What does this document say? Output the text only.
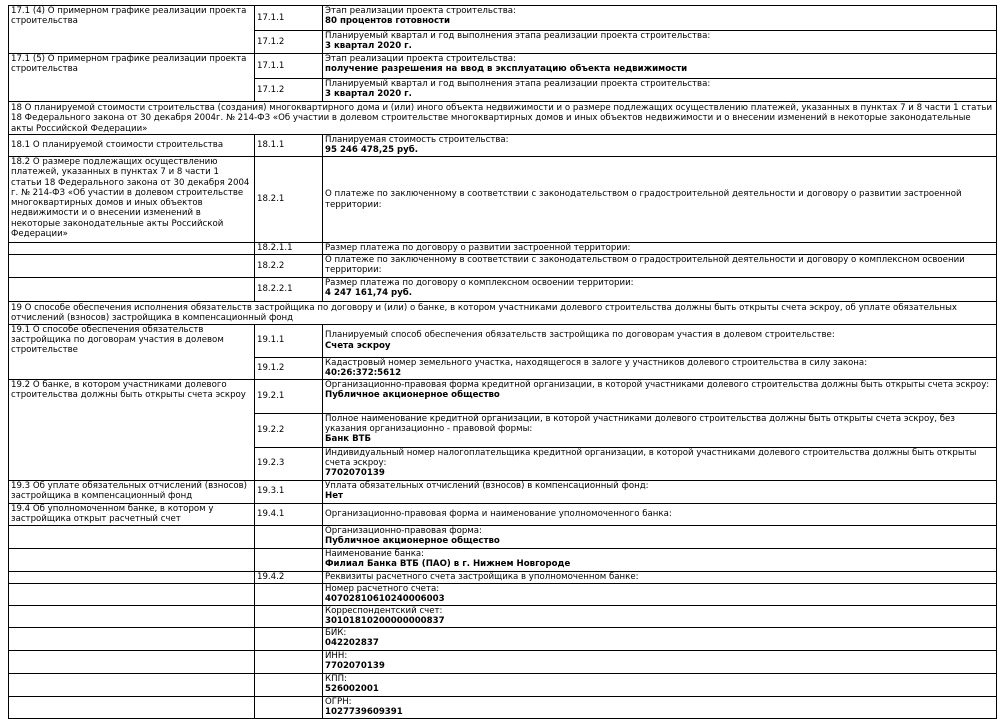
17.1 (4) О примерном графике реализации проекта строительства	17.1.1	Этап реализации проекта строительства:
80 процентов готовности

	17.1.2	Планируемый квартал и год выполнения этапа реализации проекта строительства:
3 квартал 2020 г.

17.1 (5) О примерном графике реализации проекта строительства	17.1.1	Этап реализации проекта строительства:
получение разрешения на ввод в эксплуатацию объекта недвижимости

	17.1.2	Планируемый квартал и год выполнения этапа реализации проекта строительства:
3 квартал 2020 г.

18 О планируемой стоимости строительства (создания) многоквартирного дома и (или) иного объекта недвижимости и о размере подлежащих осуществлению платежей, указанных в пунктах 7 и 8 части 1 статьи 18 Федерального закона от 30 декабря 2004г. № 214-ФЗ «Об участии в долевом строительстве многоквартирных домов и иных объектов недвижимости и о внесении изменений в некоторые законодательные акты Российской Федерации»		
18.1 О планируемой стоимости строительства	18.1.1	Планируемая стоимость строительства:
95 246 478,25 руб.

18.2 О размере подлежащих осуществлению платежей, указанных в пунктах 7 и 8 части 1 статьи 18 Федерального закона от 30 декабря 2004 г. № 214-ФЗ «Об участии в долевом строительстве многоквартирных домов и иных объектов недвижимости и о внесении изменений в некоторые законодательные акты Российской Федерации»	18.2.1	О платеже по заключенному в соответствии с законодательством о градостроительной деятельности и договору о развитии застроенной территории:
	18.2.1.1	Размер платежа по договору о развитии застроенной территории:
	18.2.2	О платеже по заключенному в соответствии с законодательством о градостроительной деятельности и договору о комплексном освоении территории:
	18.2.2.1	Размер платежа по договору о комплексном освоении территории:
4 247 161,74 руб.

19 О способе обеспечения исполнения обязательств застройщика по договору и (или) о банке, в котором участниками долевого строительства должны быть открыты счета эскроу, об уплате обязательных отчислений (взносов) застройщика в компенсационный фонд		
19.1 О способе обеспечения обязательств застройщика по договорам участия в долевом строительстве	19.1.1	Планируемый способ обеспечения обязательств застройщика по договорам участия в долевом строительстве:
Счета эскроу

	19.1.2	Кадастровый номер земельного участка, находящегося в залоге у участников долевого строительства в силу закона:
40:26:372:5612

19.2 О банке, в котором участниками долевого строительства должны быть открыты счета эскроу	19.2.1	Организационно-правовая форма кредитной организации, в которой участниками долевого строительства должны быть открыты счета эскроу:
Публичное акционерное общество

	19.2.2	Полное наименование кредитной организации, в которой участниками долевого строительства должны быть открыты счета эскроу, без указания организационно - правовой формы:
Банк ВТБ

	19.2.3	Индивидуальный номер налогоплательщика кредитной организации, в которой участниками долевого строительства должны быть открыты счета эскроу:
7702070139

19.3 Об уплате обязательных отчислений (взносов) застройщика в компенсационный фонд	19.3.1	Уплата обязательных отчислений (взносов) в компенсационный фонд:
Нет

19.4 Об уполномоченном банке, в котором у застройщика открыт расчетный счет	19.4.1	Организационно-правовая форма и наименование уполномоченного банка:

		Организационно-правовая форма:
Публичное акционерное общество

		Наименование банка:
Филиал Банка ВТБ (ПАО) в г. Нижнем Новгороде

	19.4.2	Реквизиты расчетного счета застройщика в уполномоченном банке:

		Номер расчетного счета:
40702810610240006003

		Корреспондентский счет:
30101810200000000837

		БИК:
042202837

		ИНН:
7702070139

		КПП:
526002001

		ОГРН:
1027739609391
